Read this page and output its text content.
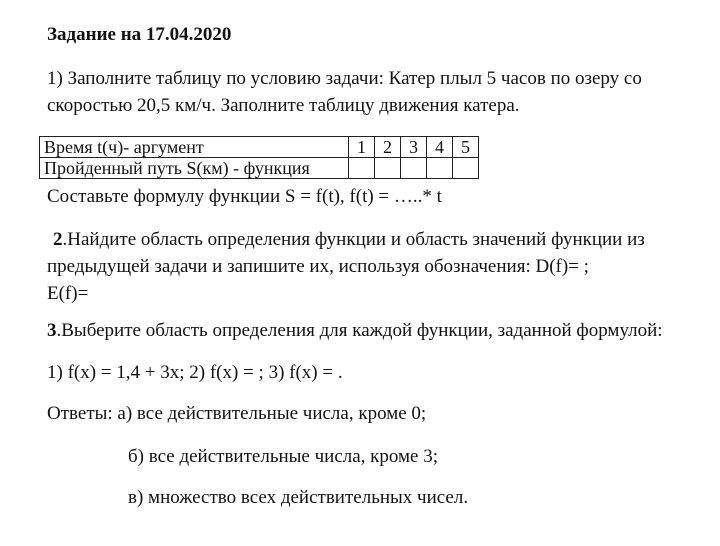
Задание на 17.04.2020
1) Заполните таблицу по условию задачи: Катер плыл 5 часов по озеру со
скоростью 20,5 км/ч. Заполните таблицу движения катера.
Время t(ч)- аргумент	1	2	3	4	5
Пройденный путь S(км) - функция					
Составьте формулу функции S = f(t), f(t) = …..* t
2.Найдите область определения функции и область значений функции из
предыдущей задачи и запишите их, используя обозначения: D(f)= ;
E(f)=
3.Выберите область определения для каждой функции, заданной формулой:
1) f(x) = 1,4 + 3x; 2) f(x) = ; 3) f(x) = .
Ответы: а) все действительные числа, кроме 0;
б) все действительные числа, кроме 3;
в) множество всех действительных чисел.
